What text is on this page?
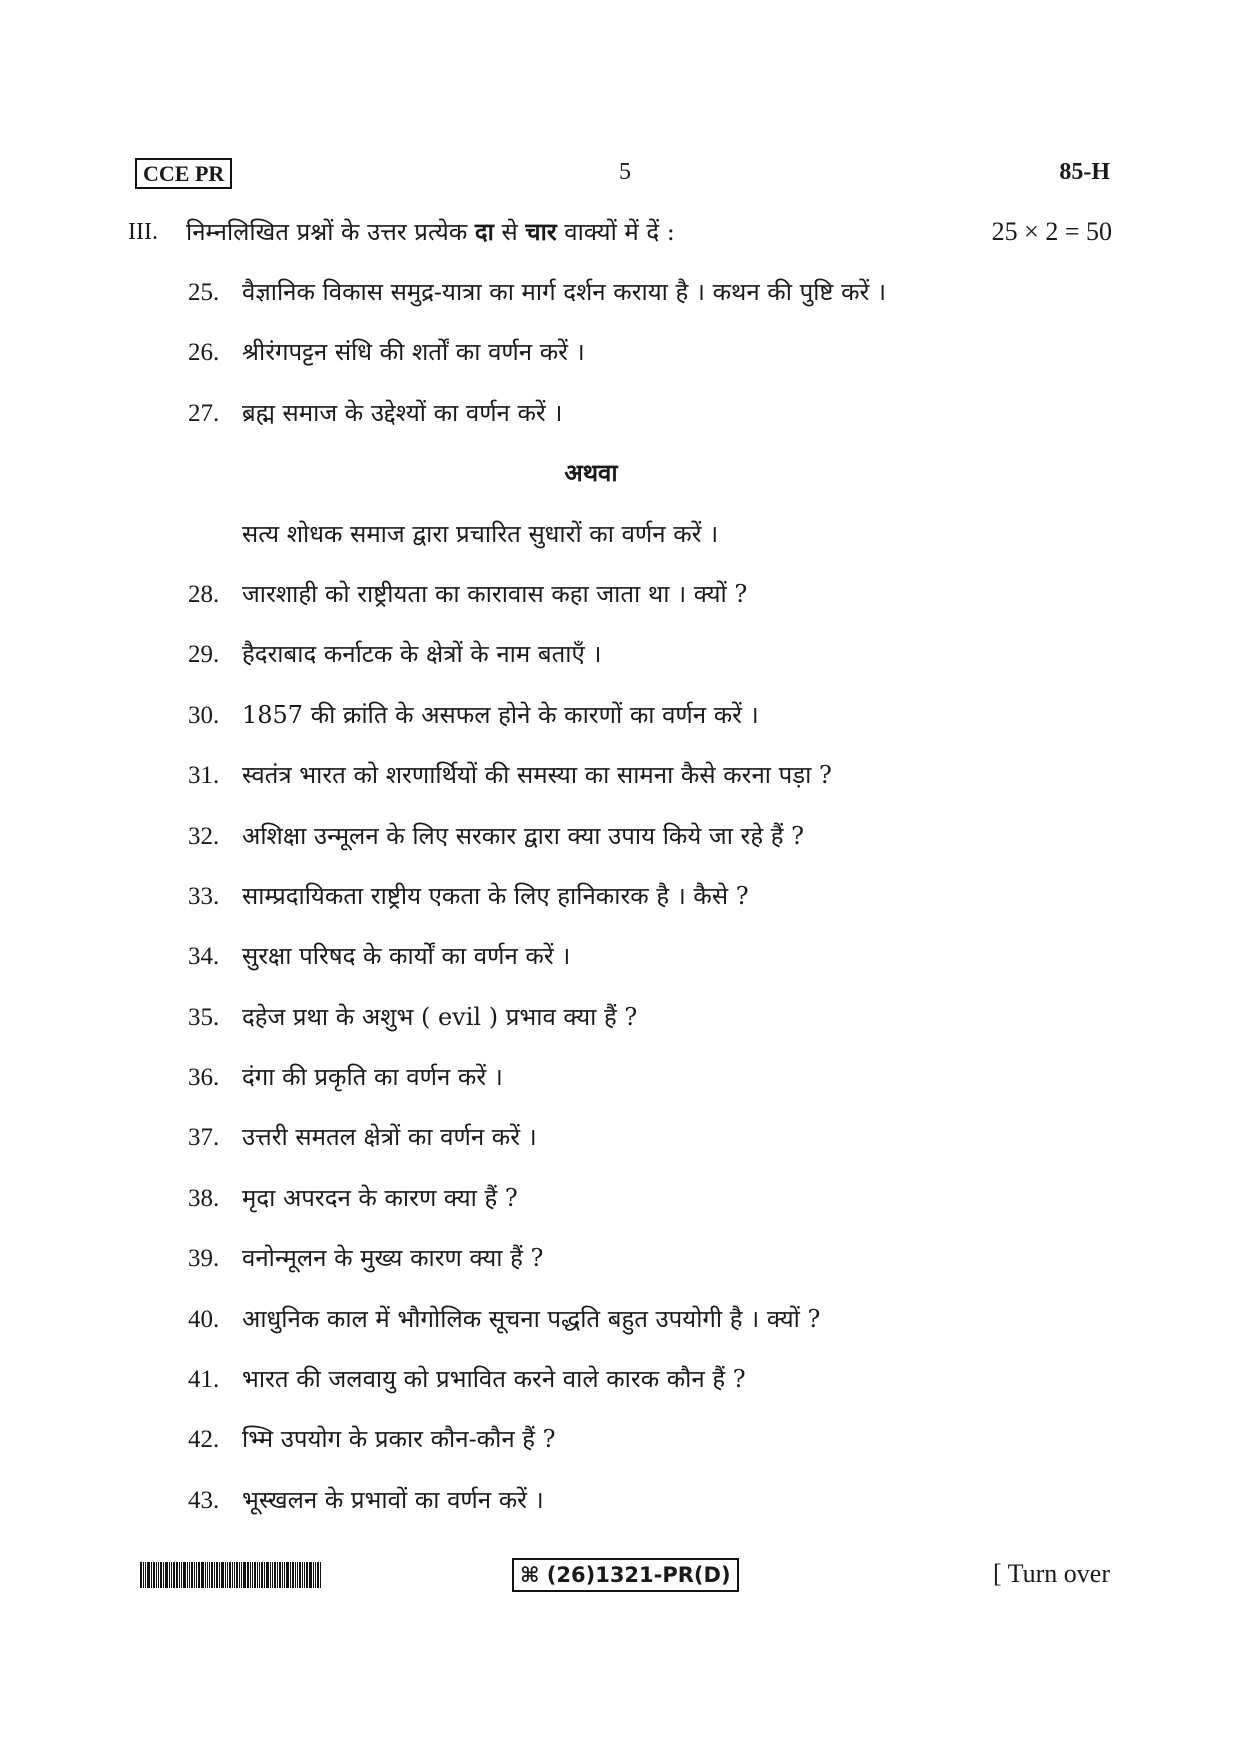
CCE PR	5	85-H
III. निम्नलिखित प्रश्नों के उत्तर प्रत्येक दा से चार वाक्यों में दें :	25 × 2 = 50
25. वैज्ञानिक विकास समुद्र-यात्रा का मार्ग दर्शन कराया है । कथन की पुष्टि करें ।
26. श्रीरंगपट्टन संधि की शर्तों का वर्णन करें ।
27. ब्रह्म समाज के उद्देश्यों का वर्णन करें ।
अथवा
सत्य शोधक समाज द्वारा प्रचारित सुधारों का वर्णन करें ।
28. जारशाही को राष्ट्रीयता का कारावास कहा जाता था । क्यों ?
29. हैदराबाद कर्नाटक के क्षेत्रों के नाम बताएँ ।
30. 1857 की क्रांति के असफल होने के कारणों का वर्णन करें ।
31. स्वतंत्र भारत को शरणार्थियों की समस्या का सामना कैसे करना पड़ा ?
32. अशिक्षा उन्मूलन के लिए सरकार द्वारा क्या उपाय किये जा रहे हैं ?
33. साम्प्रदायिकता राष्ट्रीय एकता के लिए हानिकारक है । कैसे ?
34. सुरक्षा परिषद के कार्यों का वर्णन करें ।
35. दहेज प्रथा के अशुभ ( evil ) प्रभाव क्या हैं ?
36. दंगा की प्रकृति का वर्णन करें ।
37. उत्तरी समतल क्षेत्रों का वर्णन करें ।
38. मृदा अपरदन के कारण क्या हैं ?
39. वनोन्मूलन के मुख्य कारण क्या हैं ?
40. आधुनिक काल में भौगोलिक सूचना पद्धति बहुत उपयोगी है । क्यों ?
41. भारत की जलवायु को प्रभावित करने वाले कारक कौन हैं ?
42. भ्मि उपयोग के प्रकार कौन-कौन हैं ?
43. भूस्खलन के प्रभावों का वर्णन करें ।
⌘ (26)1321-PR(D)	[ Turn over
